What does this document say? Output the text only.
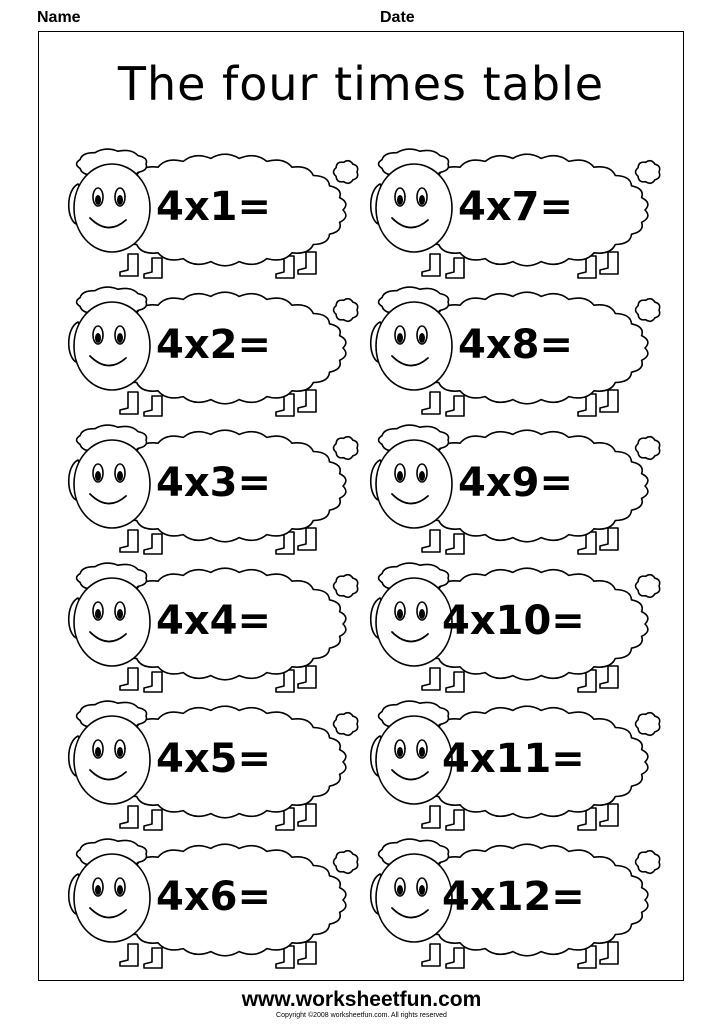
Name	Date
The four times table
4x1=	4x7=
4x2=	4x8=
4x3=	4x9=
4x4=	4x10=
4x5=	4x11=
4x6=	4x12=
www.worksheetfun.com
Copyright ©2008 worksheetfun.com. All rights reserved
